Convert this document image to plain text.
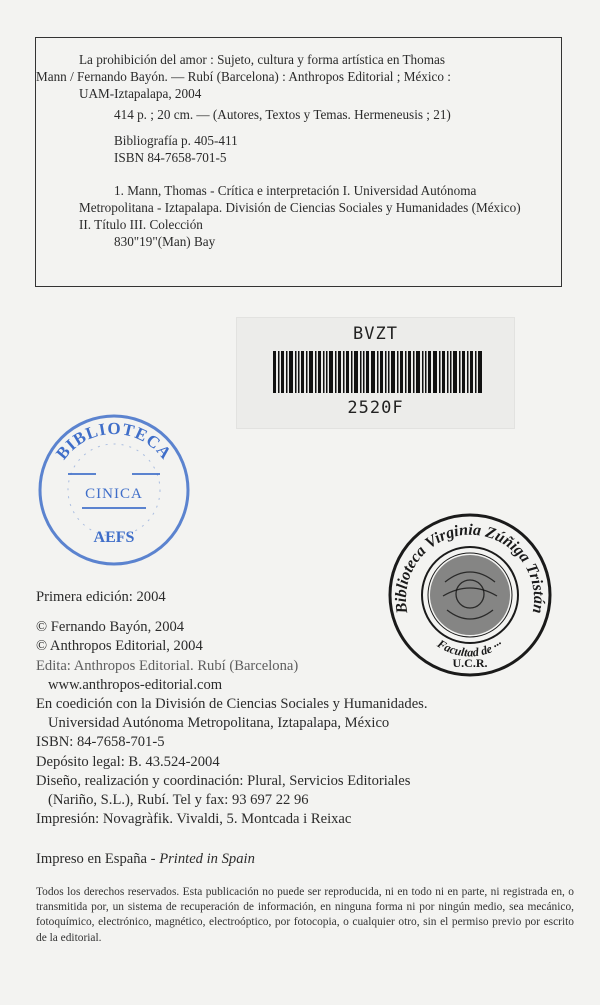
La prohibición del amor : Sujeto, cultura y forma artística en Thomas
Mann / Fernando Bayón. — Rubí (Barcelona) : Anthropos Editorial ; México :
UAM-Iztapalapa, 2004

414 p. ; 20 cm. — (Autores, Textos y Temas. Hermeneusis ; 21)

Bibliografía p. 405-411

ISBN 84-7658-701-5

1. Mann, Thomas - Crítica e interpretación I. Universidad Autónoma
Metropolitana - Iztapalapa. División de Ciencias Sociales y Humanidades (México)
II. Título III. Colección

830"19"(Man) Bay

BVZT
2520F
BIBLIOTECA
CINICA
AEFS
Biblioteca Virginia Zúñiga Tristán
Facultad de ···
U.C.R.
Primera edición: 2004
© Fernando Bayón, 2004
© Anthropos Editorial, 2004
Edita: Anthropos Editorial. Rubí (Barcelona)
www.anthropos-editorial.com
En coedición con la División de Ciencias Sociales y Humanidades.
Universidad Autónoma Metropolitana, Iztapalapa, México
ISBN: 84-7658-701-5
Depósito legal: B. 43.524-2004
Diseño, realización y coordinación: Plural, Servicios Editoriales
(Nariño, S.L.), Rubí. Tel y fax: 93 697 22 96
Impresión: Novagràfik. Vivaldi, 5. Montcada i Reixac
Impreso en España - Printed in Spain

Todos los derechos reservados. Esta publicación no puede ser reproducida, ni en todo ni en parte, ni registrada en, o transmitida por, un sistema de recuperación de información, en ninguna forma ni por ningún medio, sea mecánico, fotoquímico, electrónico, magnético, electroóptico, por fotocopia, o cualquier otro, sin el permiso previo por escrito de la editorial.
